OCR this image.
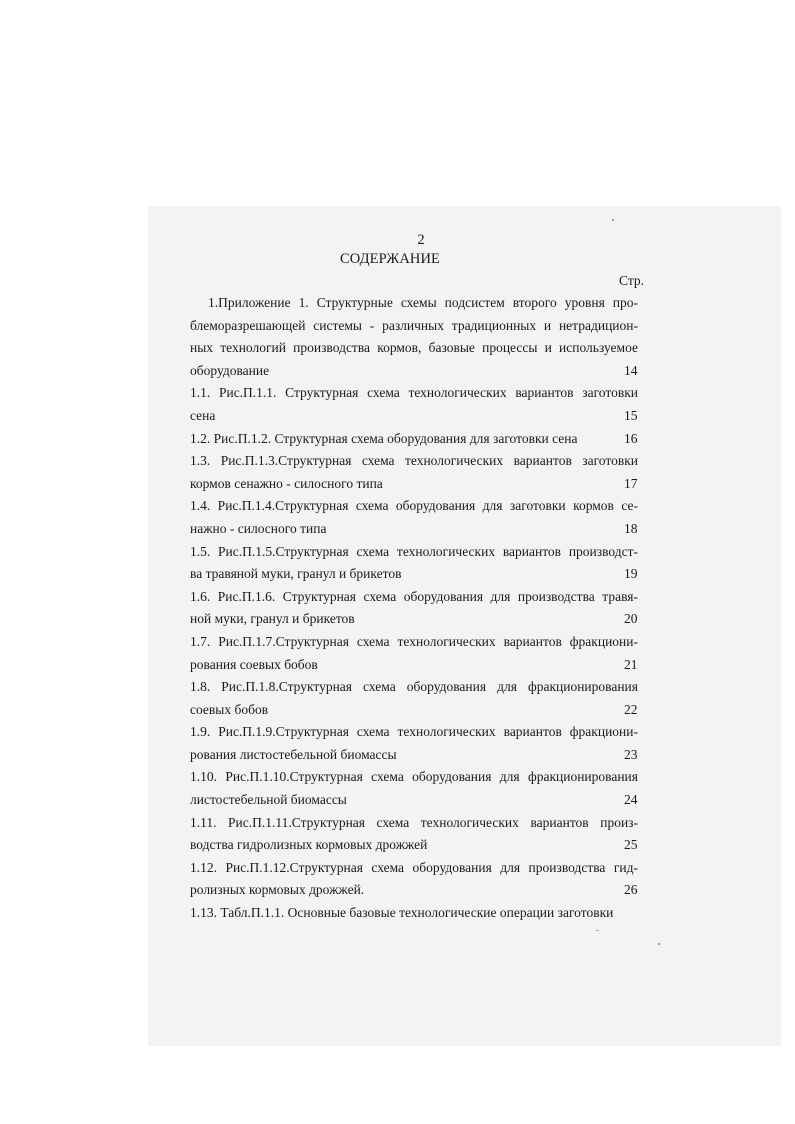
2
СОДЕРЖАНИЕ
Стр.
1.Приложение 1. Структурные схемы подсистем второго уровня про-
блеморазрешающей системы - различных традиционных и нетрадицион-
ных технологий производства кормов, базовые процессы и используемое
оборудование	14
1.1. Рис.П.1.1. Структурная схема технологических вариантов заготовки
сена	15
1.2. Рис.П.1.2. Структурная схема оборудования для заготовки сена	16
1.3. Рис.П.1.3.Структурная схема технологических вариантов заготовки
кормов сенажно - силосного типа	17
1.4. Рис.П.1.4.Структурная схема оборудования для заготовки кормов се-
нажно - силосного типа	18
1.5. Рис.П.1.5.Структурная схема технологических вариантов производст-
ва травяной муки, гранул и брикетов	19
1.6. Рис.П.1.6. Структурная схема оборудования для производства травя-
ной муки, гранул и брикетов	20
1.7. Рис.П.1.7.Структурная схема технологических вариантов фракциони-
рования соевых бобов	21
1.8. Рис.П.1.8.Структурная схема оборудования для фракционирования
соевых бобов	22
1.9. Рис.П.1.9.Структурная схема технологических вариантов фракциони-
рования листостебельной биомассы	23
1.10. Рис.П.1.10.Структурная схема оборудования для фракционирования
листостебельной биомассы	24
1.11. Рис.П.1.11.Структурная схема технологических вариантов произ-
водства гидролизных кормовых дрожжей	25
1.12. Рис.П.1.12.Структурная схема оборудования для производства гид-
ролизных кормовых дрожжей.	26
1.13. Табл.П.1.1. Основные базовые технологические операции заготовки
